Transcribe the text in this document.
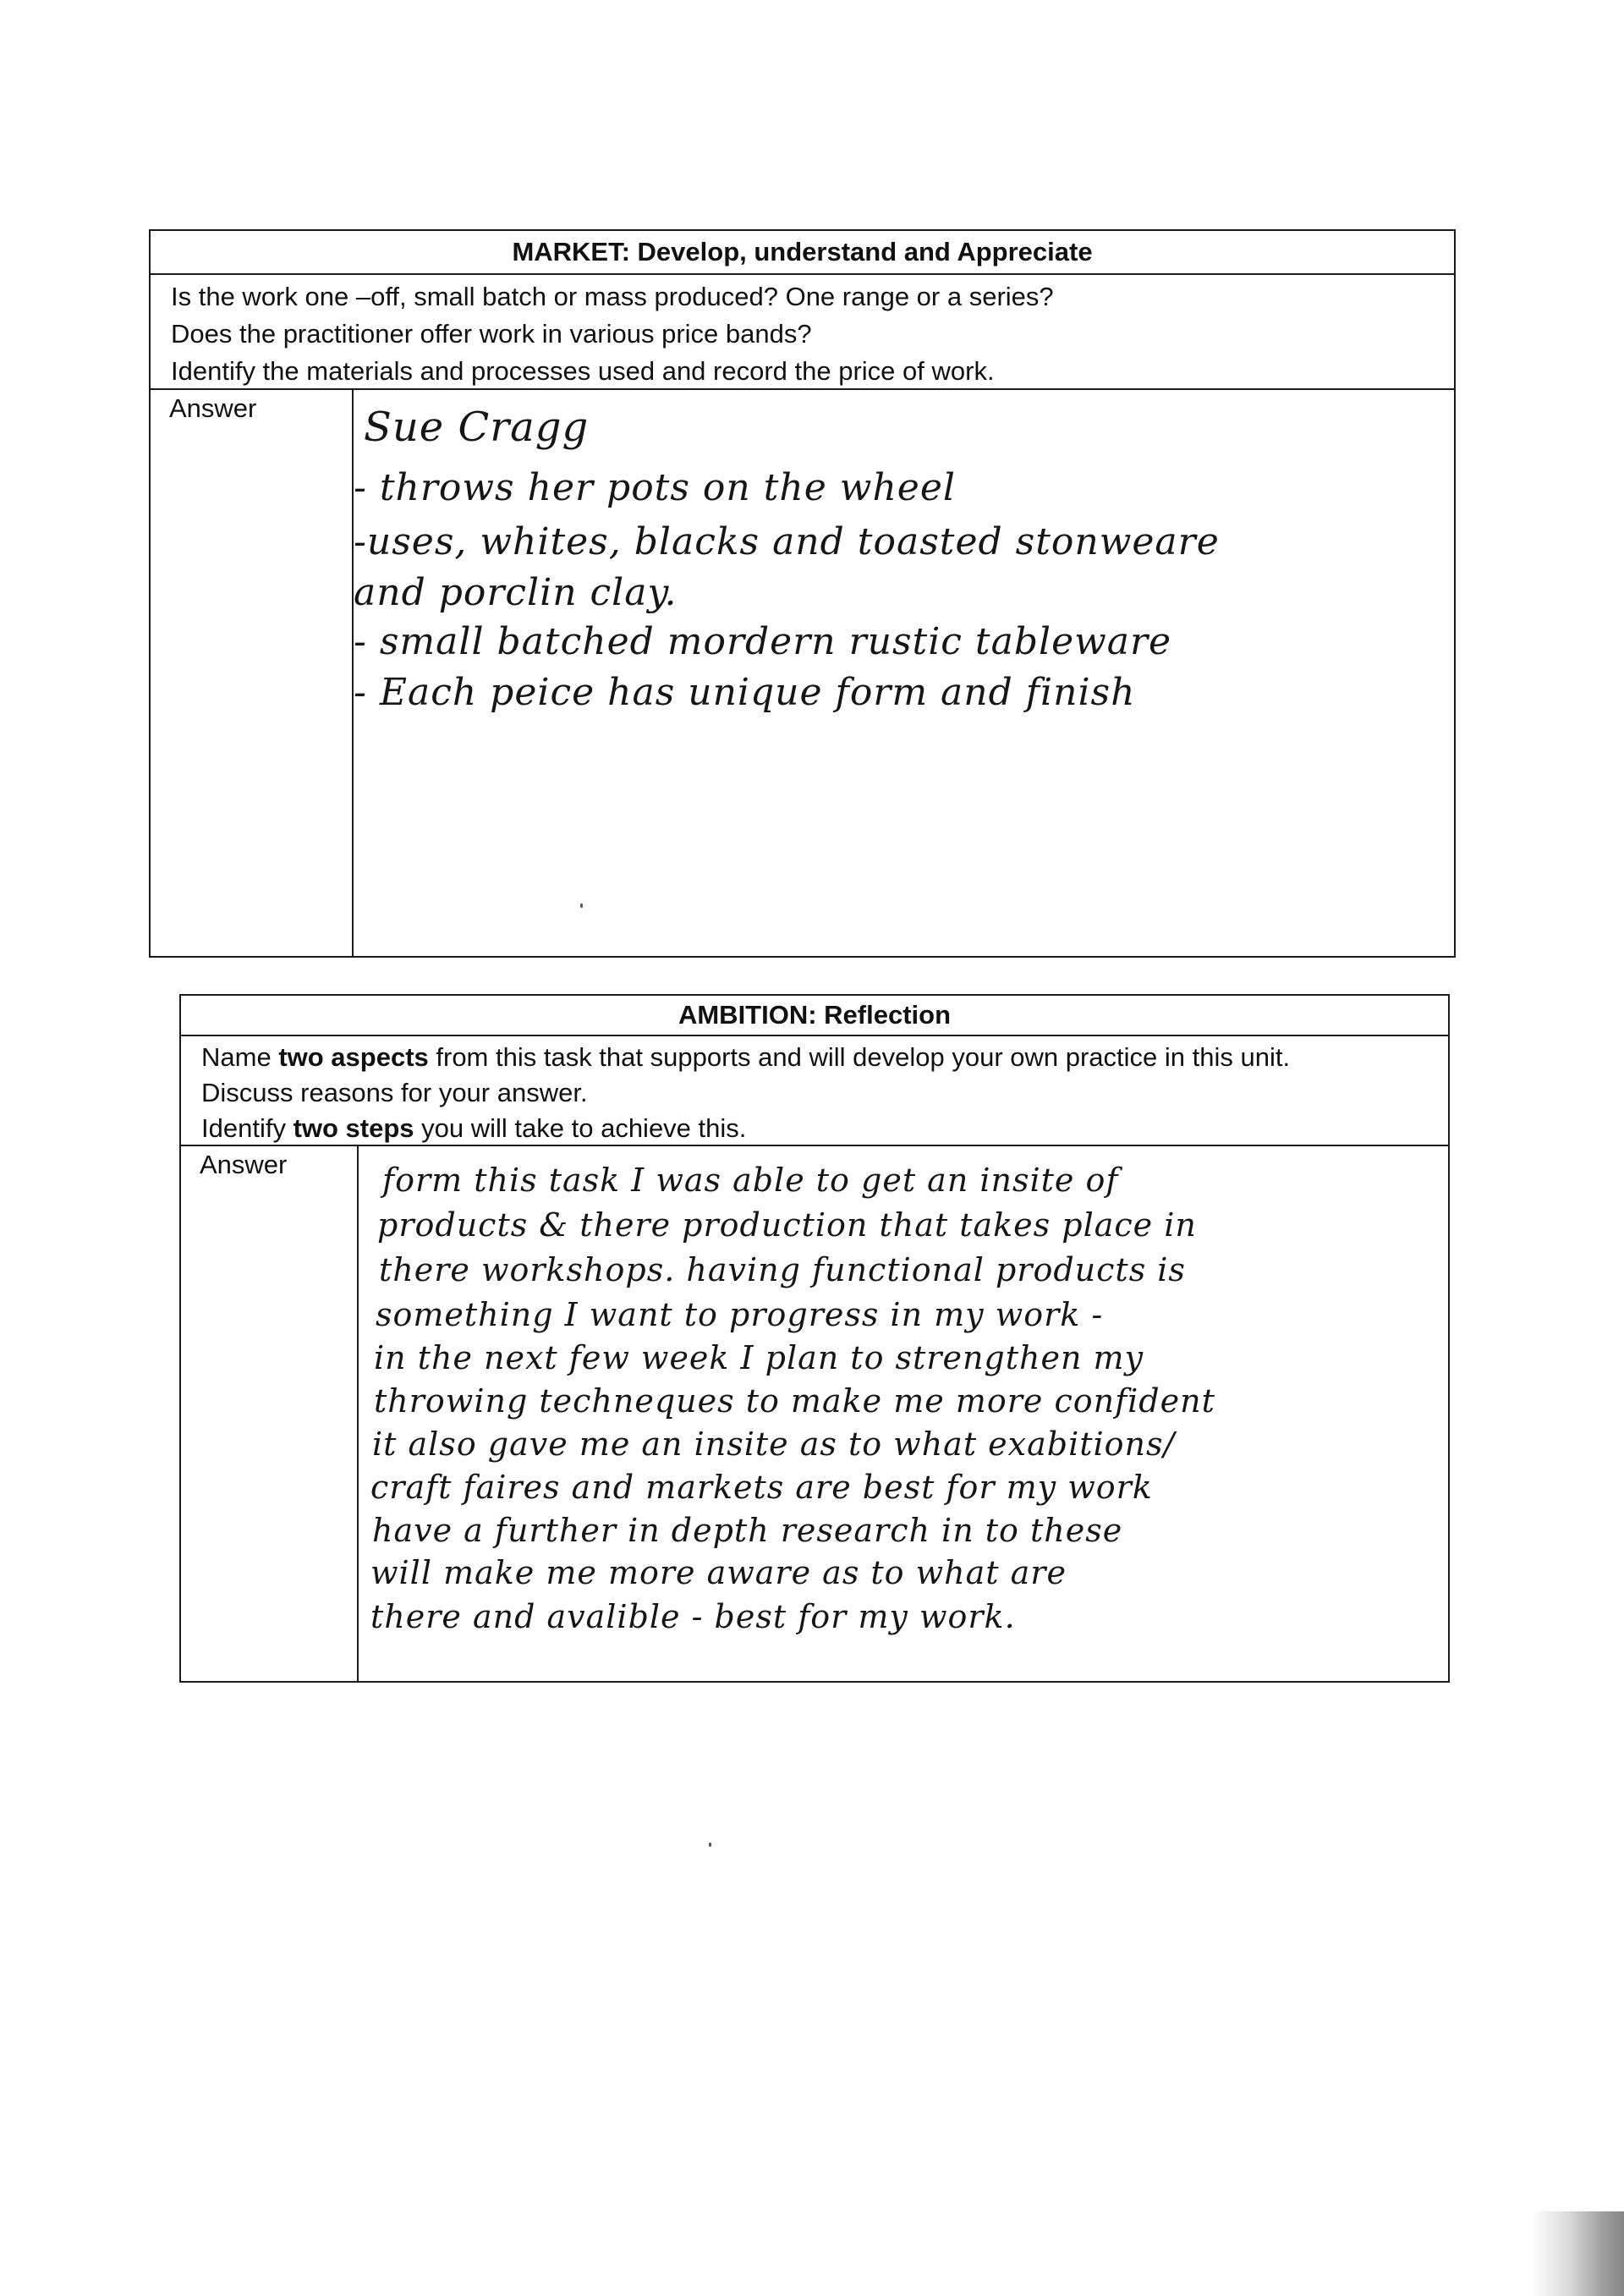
MARKET: Develop, understand and Appreciate
Is the work one –off, small batch or mass produced? One range or a series?
Does the practitioner offer work in various price bands?
Identify the materials and processes used and record the price of work.
Answer	Sue Cragg
- throws her pots on the wheel
-uses, whites, blacks and toasted stonweare
and porclin clay.
- small batched mordern rustic tableware
- Each peice has unique form and finish
AMBITION: Reflection
Name two aspects from this task that supports and will develop your own practice in this unit.
Discuss reasons for your answer.
Identify two steps you will take to achieve this.
Answer	form this task I was able to get an insite of
products & there production that takes place in
there workshops. having functional products is
something I want to progress in my work -
in the next few week I plan to strengthen my
throwing techneques to make me more confident
it also gave me an insite as to what exabitions/
craft faires and markets are best for my work
have a further in depth research in to these
will make me more aware as to what are
there and avalible - best for my work.
